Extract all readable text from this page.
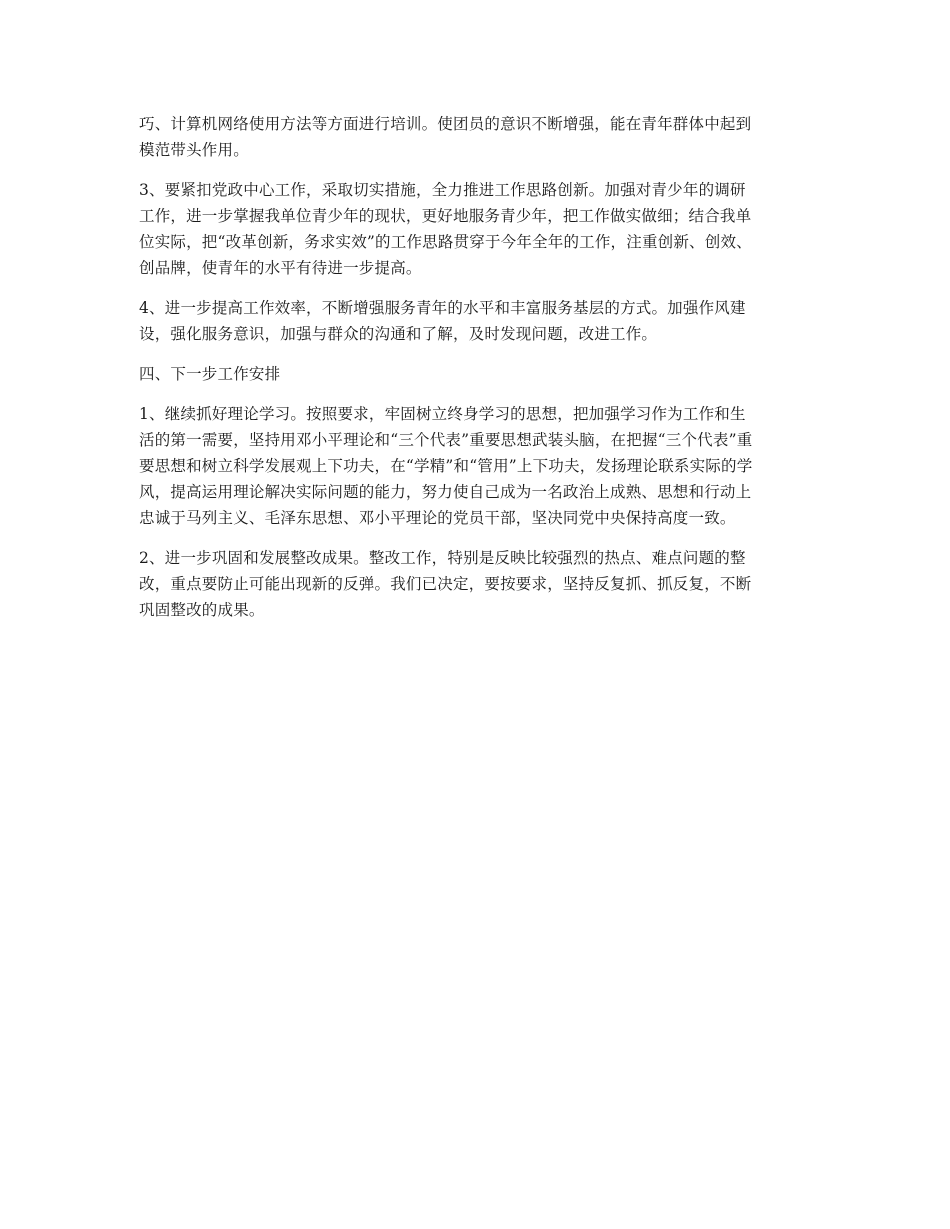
巧、计算机网络使用方法等方面进行培训。使团员的意识不断增强，能在青年群体中起到
模范带头作用。

3、要紧扣党政中心工作，采取切实措施，全力推进工作思路创新。加强对青少年的调研
工作，进一步掌握我单位青少年的现状，更好地服务青少年，把工作做实做细；结合我单
位实际，把“改革创新，务求实效”的工作思路贯穿于今年全年的工作，注重创新、创效、
创品牌，使青年的水平有待进一步提高。

4、进一步提高工作效率，不断增强服务青年的水平和丰富服务基层的方式。加强作风建
设，强化服务意识，加强与群众的沟通和了解，及时发现问题，改进工作。

四、下一步工作安排

1、继续抓好理论学习。按照要求，牢固树立终身学习的思想，把加强学习作为工作和生
活的第一需要，坚持用邓小平理论和“三个代表”重要思想武装头脑，在把握“三个代表”重
要思想和树立科学发展观上下功夫，在“学精”和“管用”上下功夫，发扬理论联系实际的学
风，提高运用理论解决实际问题的能力，努力使自己成为一名政治上成熟、思想和行动上
忠诚于马列主义、毛泽东思想、邓小平理论的党员干部，坚决同党中央保持高度一致。

2、进一步巩固和发展整改成果。整改工作，特别是反映比较强烈的热点、难点问题的整
改，重点要防止可能出现新的反弹。我们已决定，要按要求，坚持反复抓、抓反复，不断
巩固整改的成果。
